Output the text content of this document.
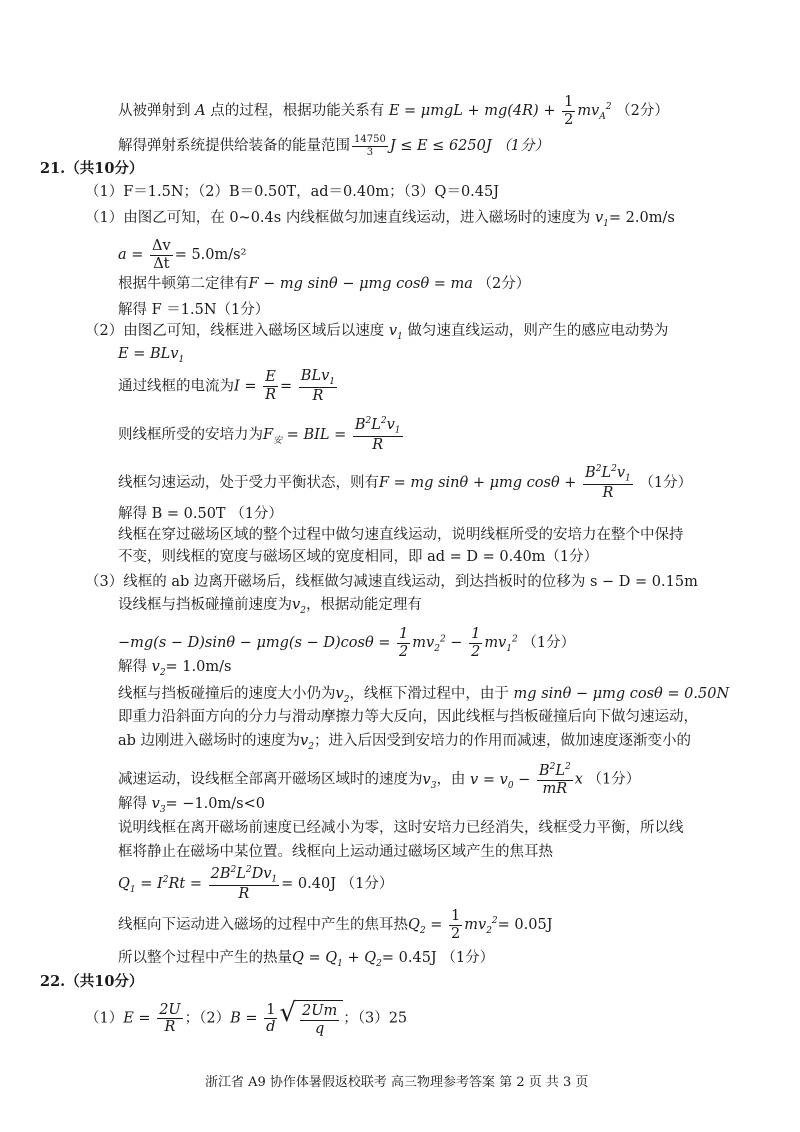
从被弹射到 A 点的过程，根据功能关系有 $E = \mu mgL + mg(4R) + \frac{1}{2} mv_A^2$ （2分）
解得弹射系统提供给装备的能量范围 $\frac{14750}{3}$ J ≤ E ≤ 6250J （1分）
21.（共10分）
（1）F＝1.5N；（2）B＝0.50T，ad＝0.40m；（3）Q＝0.45J
（1）由图乙可知，在 0~0.4s 内线框做匀加速直线运动，进入磁场时的速度为 $v_1= 2.0m/s$
$a = \frac{\Delta v}{\Delta t} = 5.0m/s^2$
根据牛顿第二定律有F − mg sinθ − μmg cosθ = ma （2分）
解得 F ＝1.5N（1分）
（2）由图乙可知，线框进入磁场区域后以速度 $v_1$ 做匀速直线运动，则产生的感应电动势为
E = BLv$_1$
通过线框的电流为$I = \frac{E}{R} = \frac{BLv_1}{R}$
则线框所受的安培力为$F_安$ = BIL = $\frac{B^2L^2v_1}{R}$
线框匀速运动，处于受力平衡状态，则有F = mg sinθ + μmg $\cos\theta + \frac{B^2L^2v_1}{R} (1$分）
解得 B = 0.50T （1分）
线框在穿过磁场区域的整个过程中做匀速直线运动，说明线框所受的安培力在整个中保持
不变，则线框的宽度与磁场区域的宽度相同，即 ad = D = 0.40m（1分）
（3）线框的 ab 边离开磁场后，线框做匀减速直线运动，到达挡板时的位移为 s − D = 0.15m
设线框与挡板碰撞前速度为$v_2$，根据动能定理有
$-mg(s - D)\sin\theta - \mu mg(s - D)\cos\theta = \frac{1}{2} mv_2^2 - \frac{1}{2} mv_1^2$ （1分）
解得 $v_2= 1.0m/s$
线框与挡板碰撞后的速度大小仍为$v_2$，线框下滑过程中，由于 mg sinθ − μmg cosθ = 0.50N
即重力沿斜面方向的分力与滑动摩擦力等大反向，因此线框与挡板碰撞后向下做匀速运动，
ab 边刚进入磁场时的速度为$v_2$；进入后因受到安培力的作用而减速，做加速度逐渐变小的
减速运动，设线框全部离开磁场区域时的速度为$v_3$，由 $v = v_0 - \frac{B^2L^2}{mR}$ x （1分）
解得 $v_3= -1.0m/s<0$
说明线框在离开磁场前速度已经减小为零，这时安培力已经消失，线框受力平衡，所以线
框将静止在磁场中某位置。线框向上运动通过磁场区域产生的焦耳热
$Q_1 = I^2Rt = \frac{2B^2L^2Dv_1}{R} = 0.40J$ （1分）
线框向下运动进入磁场的过程中产生的焦耳热$Q_2 = \frac{1}{2} mv_2^2= 0.05J$
所以整个过程中产生的热量$Q = Q_1 + Q_2= 0.45J$ （1分）
22.（共10分）
$(1)E = \frac{2U}{R}$ ；$(2)B = \frac{1}{d}$ √ $\frac{2Um}{q}$ ；（3）25
浙江省 A9 协作体暑假返校联考 高三物理参考答案 第 2 页 共 3 页
